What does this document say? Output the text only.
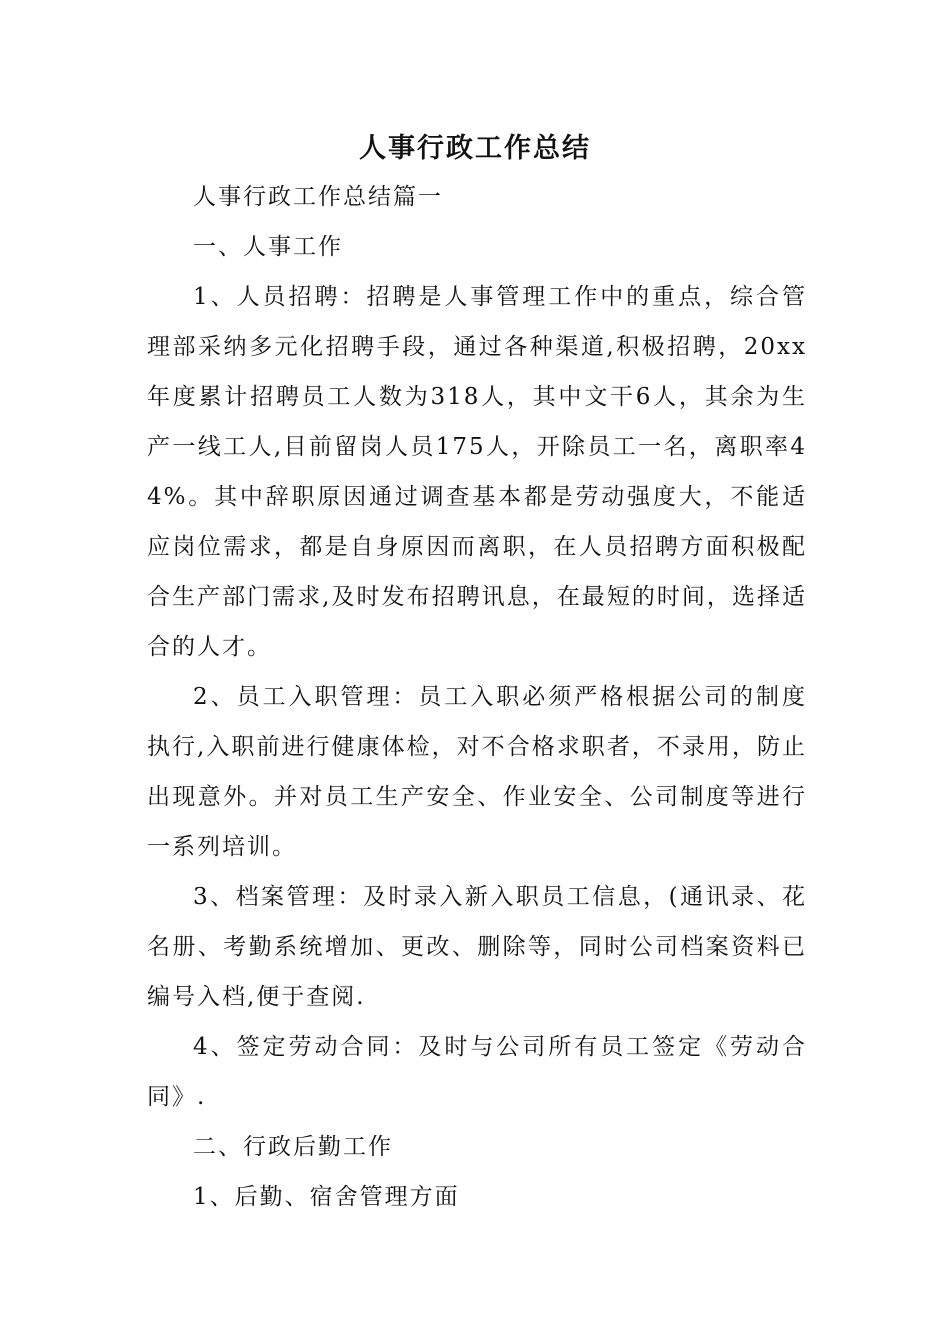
人事行政工作总结

人事行政工作总结篇一

一、人事工作

1、人员招聘：招聘是人事管理工作中的重点，综合管理部采纳多元化招聘手段，通过各种渠道,积极招聘，20xx年度累计招聘员工人数为318人，其中文干6人，其余为生产一线工人,目前留岗人员175人，开除员工一名，离职率44%。其中辞职原因通过调查基本都是劳动强度大，不能适应岗位需求，都是自身原因而离职，在人员招聘方面积极配合生产部门需求,及时发布招聘讯息，在最短的时间，选择适合的人才。

2、员工入职管理：员工入职必须严格根据公司的制度执行,入职前进行健康体检，对不合格求职者，不录用，防止出现意外。并对员工生产安全、作业安全、公司制度等进行一系列培训。

3、档案管理：及时录入新入职员工信息，(通讯录、花名册、考勤系统增加、更改、删除等，同时公司档案资料已编号入档,便于查阅.

4、签定劳动合同：及时与公司所有员工签定《劳动合同》.

二、行政后勤工作

1、后勤、宿舍管理方面
